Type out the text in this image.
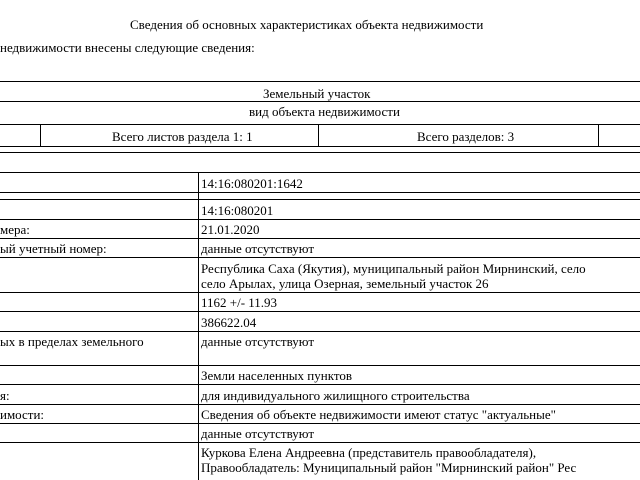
Сведения об основных характеристиках объекта недвижимости
недвижимости внесены следующие сведения:
Земельный участок
вид объекта недвижимости
Всего листов раздела 1: 1	Всего разделов: 3
14:16:080201:1642
14:16:080201
мера:	21.01.2020
ый учетный номер:	данные отсутствуют
Республика Саха (Якутия), муниципальный район Мирнинский, село
село Арылах, улица Озерная, земельный участок 26
1162 +/- 11.93
386622.04
ых в пределах земельного	данные отсутствуют
Земли населенных пунктов
я:	для индивидуального жилищного строительства
имости:	Сведения об объекте недвижимости имеют статус "актуальные"
данные отсутствуют
Куркова Елена Андреевна (представитель правообладателя),
Правообладатель: Муниципальный район "Мирнинский район" Рес
